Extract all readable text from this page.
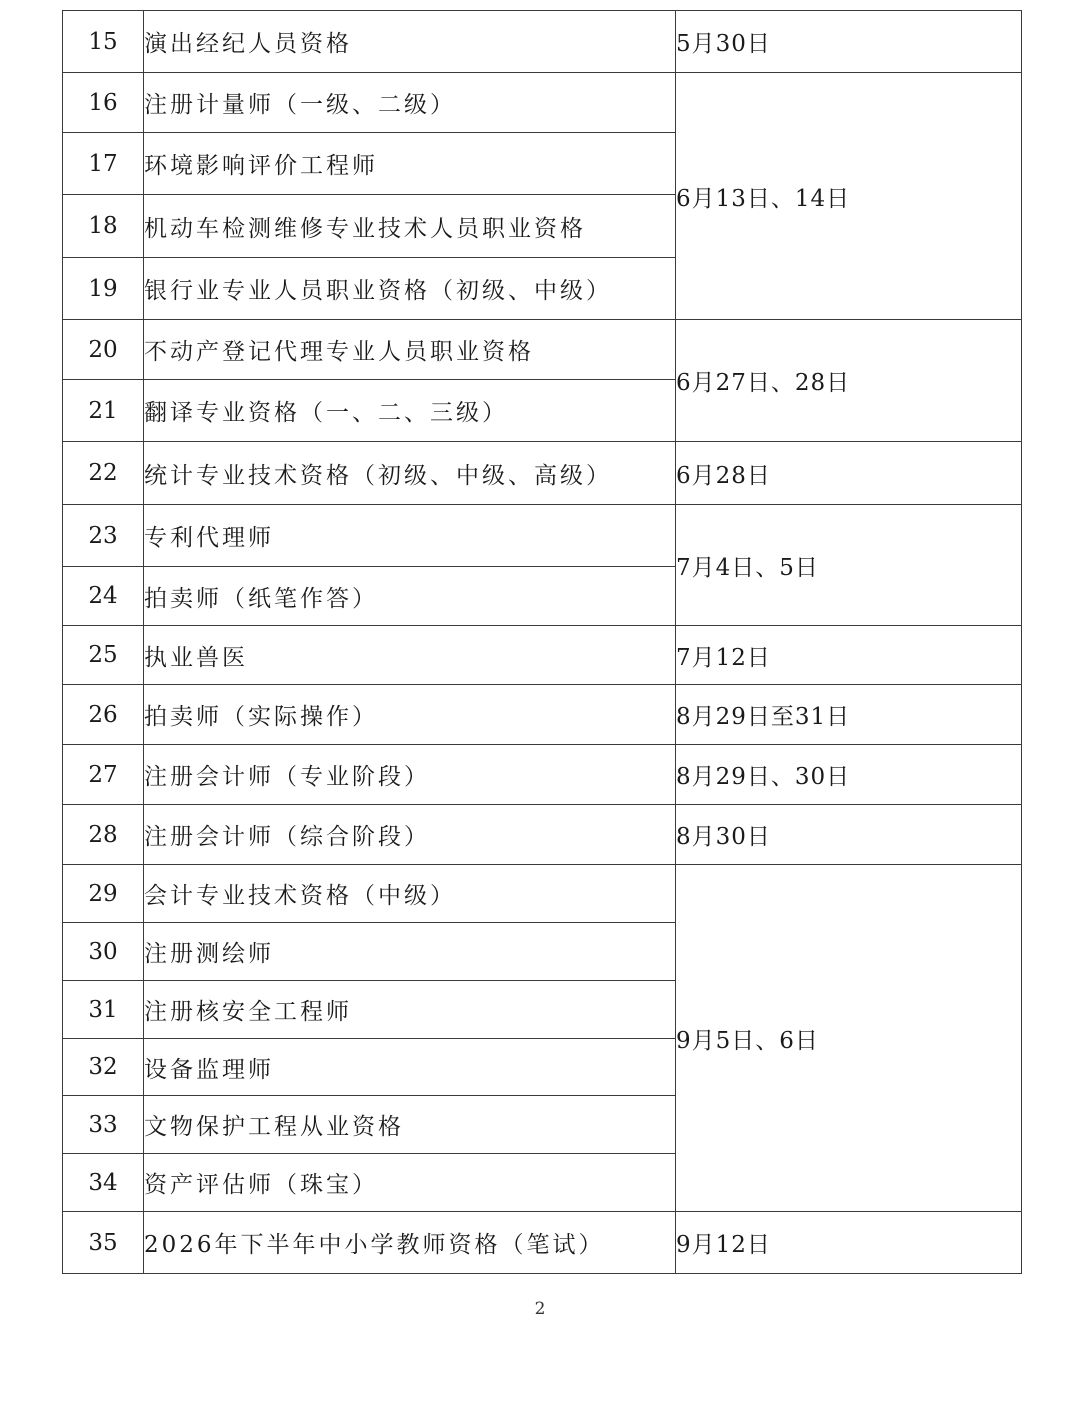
15	演出经纪人员资格	5月30日
16	注册计量师（一级、二级）	6月13日、14日
17	环境影响评价工程师	
18	机动车检测维修专业技术人员职业资格	
19	银行业专业人员职业资格（初级、中级）	
20	不动产登记代理专业人员职业资格	6月27日、28日
21	翻译专业资格（一、二、三级）	
22	统计专业技术资格（初级、中级、高级）	6月28日
23	专利代理师	7月4日、5日
24	拍卖师（纸笔作答）	
25	执业兽医	7月12日
26	拍卖师（实际操作）	8月29日至31日
27	注册会计师（专业阶段）	8月29日、30日
28	注册会计师（综合阶段）	8月30日
29	会计专业技术资格（中级）	9月5日、6日
30	注册测绘师	
31	注册核安全工程师	
32	设备监理师	
33	文物保护工程从业资格	
34	资产评估师（珠宝）	
35	2026年下半年中小学教师资格（笔试）	9月12日
2
